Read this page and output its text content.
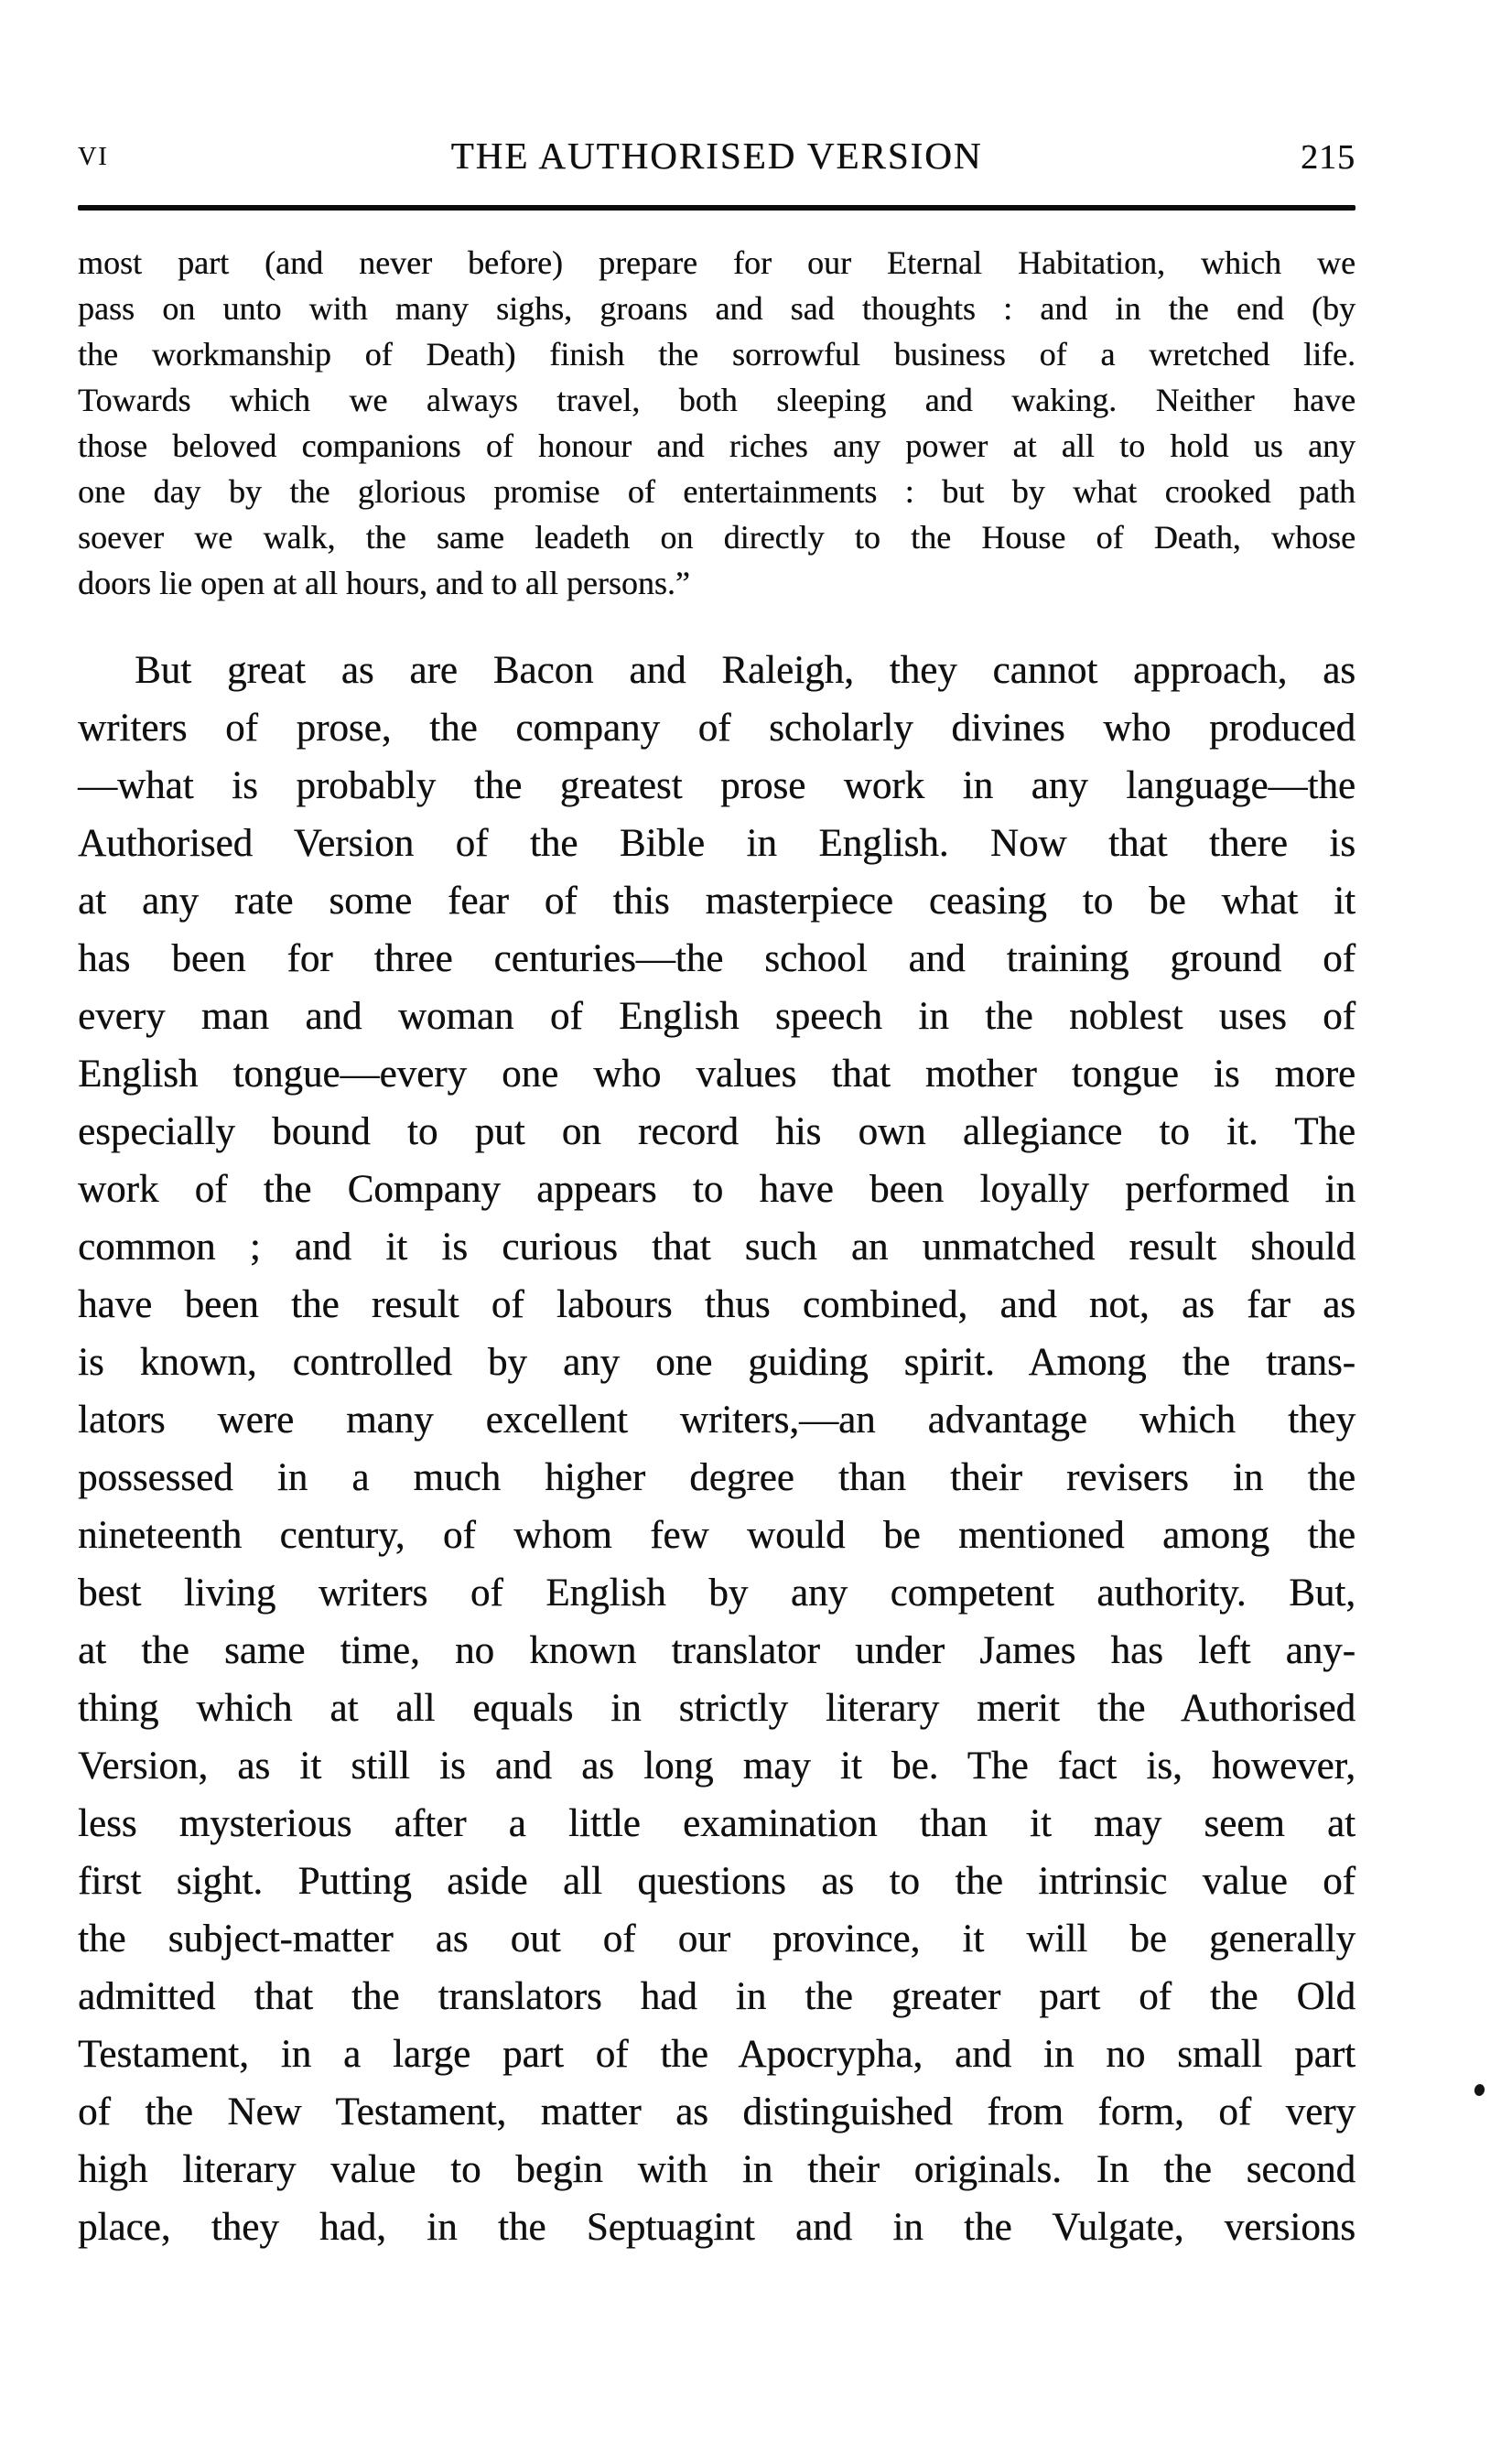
VI	THE AUTHORISED VERSION	215
most part (and never before) prepare for our Eternal Habitation, which we
pass on unto with many sighs, groans and sad thoughts : and in the end (by
the workmanship of Death) finish the sorrowful business of a wretched life.
Towards which we always travel, both sleeping and waking. Neither have
those beloved companions of honour and riches any power at all to hold us any
one day by the glorious promise of entertainments : but by what crooked path
soever we walk, the same leadeth on directly to the House of Death, whose
doors lie open at all hours, and to all persons.”
But great as are Bacon and Raleigh, they cannot approach, as
writers of prose, the company of scholarly divines who produced
—what is probably the greatest prose work in any language—the
Authorised Version of the Bible in English. Now that there is
at any rate some fear of this masterpiece ceasing to be what it
has been for three centuries—the school and training ground of
every man and woman of English speech in the noblest uses of
English tongue—every one who values that mother tongue is more
especially bound to put on record his own allegiance to it. The
work of the Company appears to have been loyally performed in
common ; and it is curious that such an unmatched result should
have been the result of labours thus combined, and not, as far as
is known, controlled by any one guiding spirit. Among the trans-
lators were many excellent writers,—an advantage which they
possessed in a much higher degree than their revisers in the
nineteenth century, of whom few would be mentioned among the
best living writers of English by any competent authority. But,
at the same time, no known translator under James has left any-
thing which at all equals in strictly literary merit the Authorised
Version, as it still is and as long may it be. The fact is, however,
less mysterious after a little examination than it may seem at
first sight. Putting aside all questions as to the intrinsic value of
the subject-matter as out of our province, it will be generally
admitted that the translators had in the greater part of the Old
Testament, in a large part of the Apocrypha, and in no small part
of the New Testament, matter as distinguished from form, of very
high literary value to begin with in their originals. In the second
place, they had, in the Septuagint and in the Vulgate, versions
